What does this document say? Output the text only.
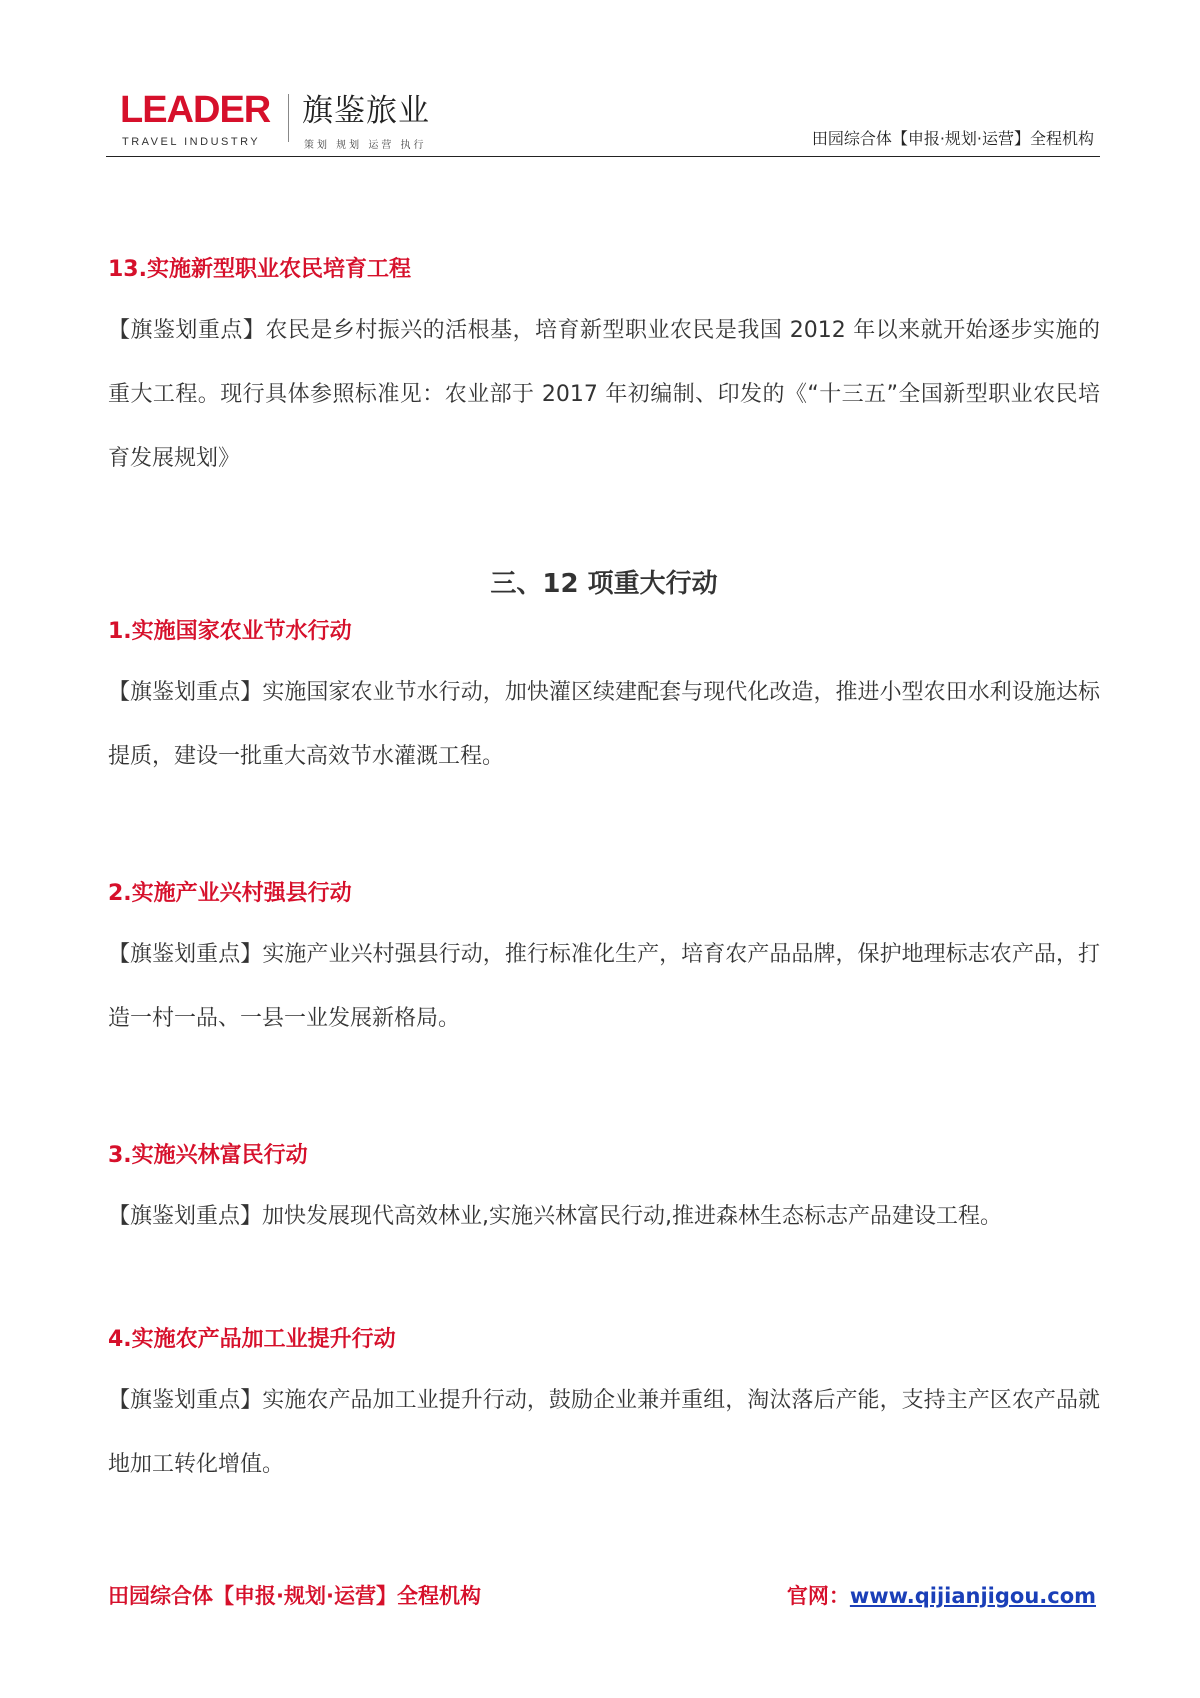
LEADER
TRAVEL INDUSTRY
旗鉴旅业
策划 规划 运营 执行	田园综合体【申报·规划·运营】全程机构
13.实施新型职业农民培育工程

【旗鉴划重点】农民是乡村振兴的活根基，培育新型职业农民是我国 2012 年以来就开始逐步实施的重大工程。现行具体参照标准见：农业部于 2017 年初编制、印发的《“十三五”全国新型职业农民培育发展规划》

三、12 项重大行动
1.实施国家农业节水行动

【旗鉴划重点】实施国家农业节水行动，加快灌区续建配套与现代化改造，推进小型农田水利设施达标提质，建设一批重大高效节水灌溉工程。

2.实施产业兴村强县行动

【旗鉴划重点】实施产业兴村强县行动，推行标准化生产，培育农产品品牌，保护地理标志农产品，打造一村一品、一县一业发展新格局。

3.实施兴林富民行动

【旗鉴划重点】加快发展现代高效林业,实施兴林富民行动,推进森林生态标志产品建设工程。

4.实施农产品加工业提升行动

【旗鉴划重点】实施农产品加工业提升行动，鼓励企业兼并重组，淘汰落后产能，支持主产区农产品就地加工转化增值。

田园综合体【申报·规划·运营】全程机构	官网：www.qijianjigou.com
